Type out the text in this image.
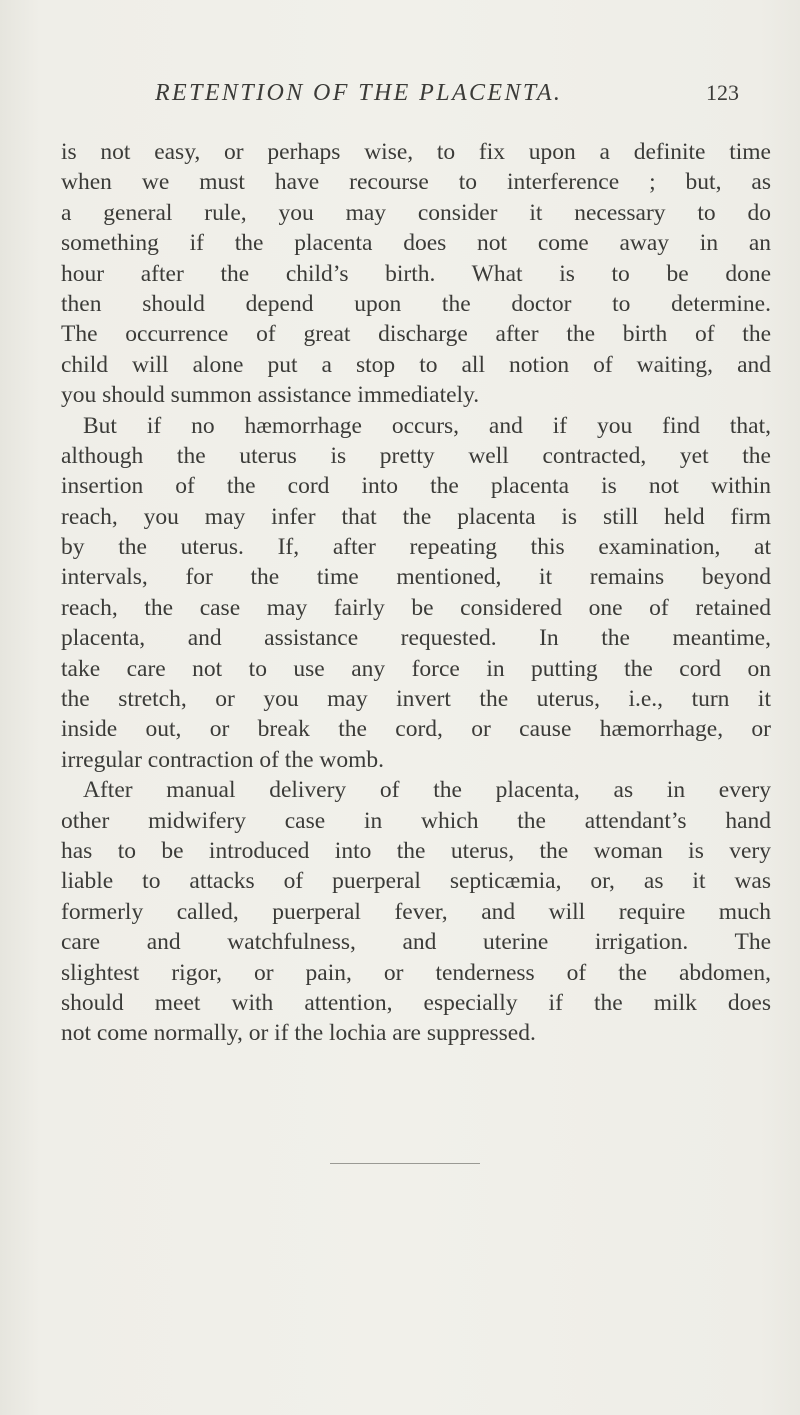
RETENTION OF THE PLACENTA.	123
is not easy, or perhaps wise, to fix upon a definite time
when we must have recourse to interference ; but, as
a general rule, you may consider it necessary to do
something if the placenta does not come away in an
hour after the child’s birth. What is to be done
then should depend upon the doctor to determine.
The occurrence of great discharge after the birth of the
child will alone put a stop to all notion of waiting, and
you should summon assistance immediately.
But if no hæmorrhage occurs, and if you find that,
although the uterus is pretty well contracted, yet the
insertion of the cord into the placenta is not within
reach, you may infer that the placenta is still held firm
by the uterus. If, after repeating this examination, at
intervals, for the time mentioned, it remains beyond
reach, the case may fairly be considered one of retained
placenta, and assistance requested. In the meantime,
take care not to use any force in putting the cord on
the stretch, or you may invert the uterus, i.e., turn it
inside out, or break the cord, or cause hæmorrhage, or
irregular contraction of the womb.
After manual delivery of the placenta, as in every
other midwifery case in which the attendant’s hand
has to be introduced into the uterus, the woman is very
liable to attacks of puerperal septicæmia, or, as it was
formerly called, puerperal fever, and will require much
care and watchfulness, and uterine irrigation. The
slightest rigor, or pain, or tenderness of the abdomen,
should meet with attention, especially if the milk does
not come normally, or if the lochia are suppressed.
